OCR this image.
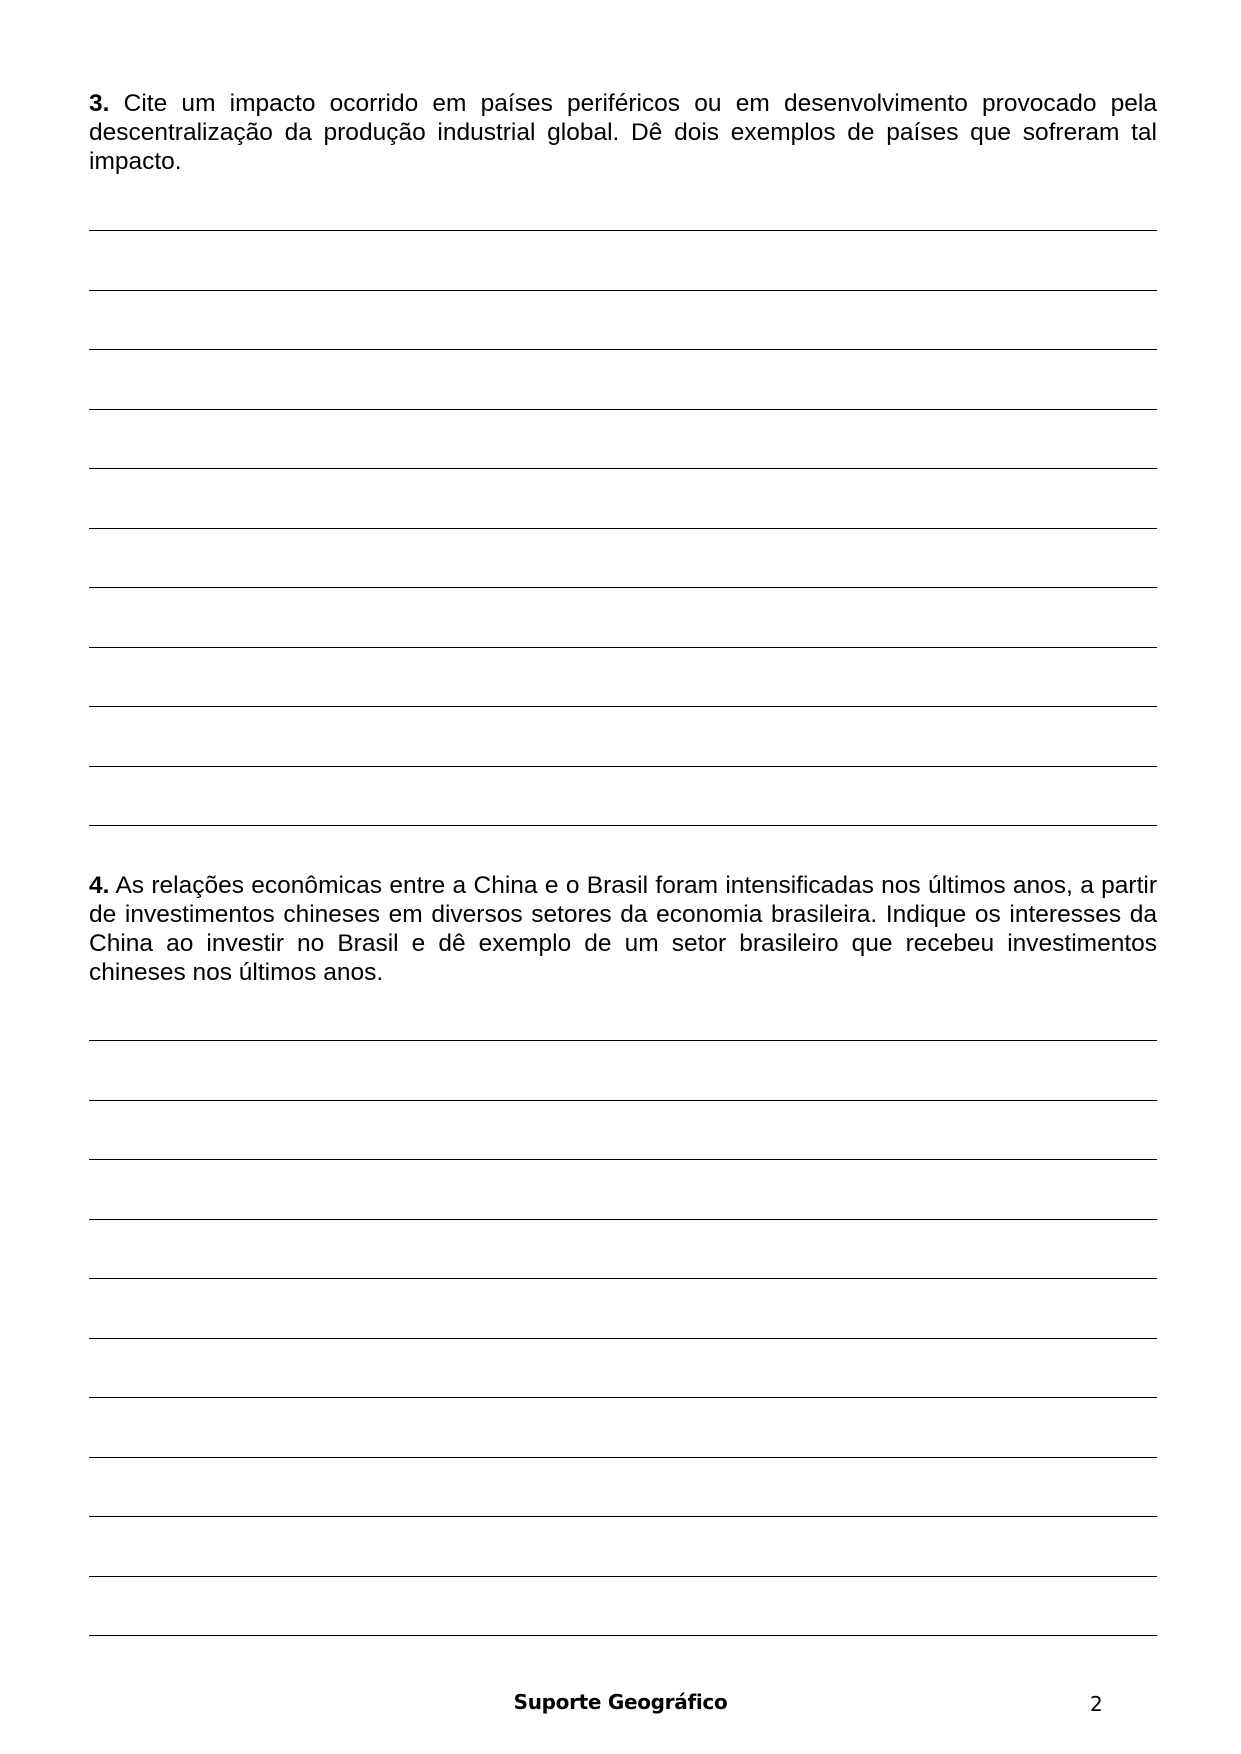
3. Cite um impacto ocorrido em países periféricos ou em desenvolvimento provocado pela descentralização da produção industrial global. Dê dois exemplos de países que sofreram tal impacto.

4. As relações econômicas entre a China e o Brasil foram intensificadas nos últimos anos, a partir de investimentos chineses em diversos setores da economia brasileira. Indique os interesses da China ao investir no Brasil e dê exemplo de um setor brasileiro que recebeu investimentos chineses nos últimos anos.

Suporte Geográfico	2
